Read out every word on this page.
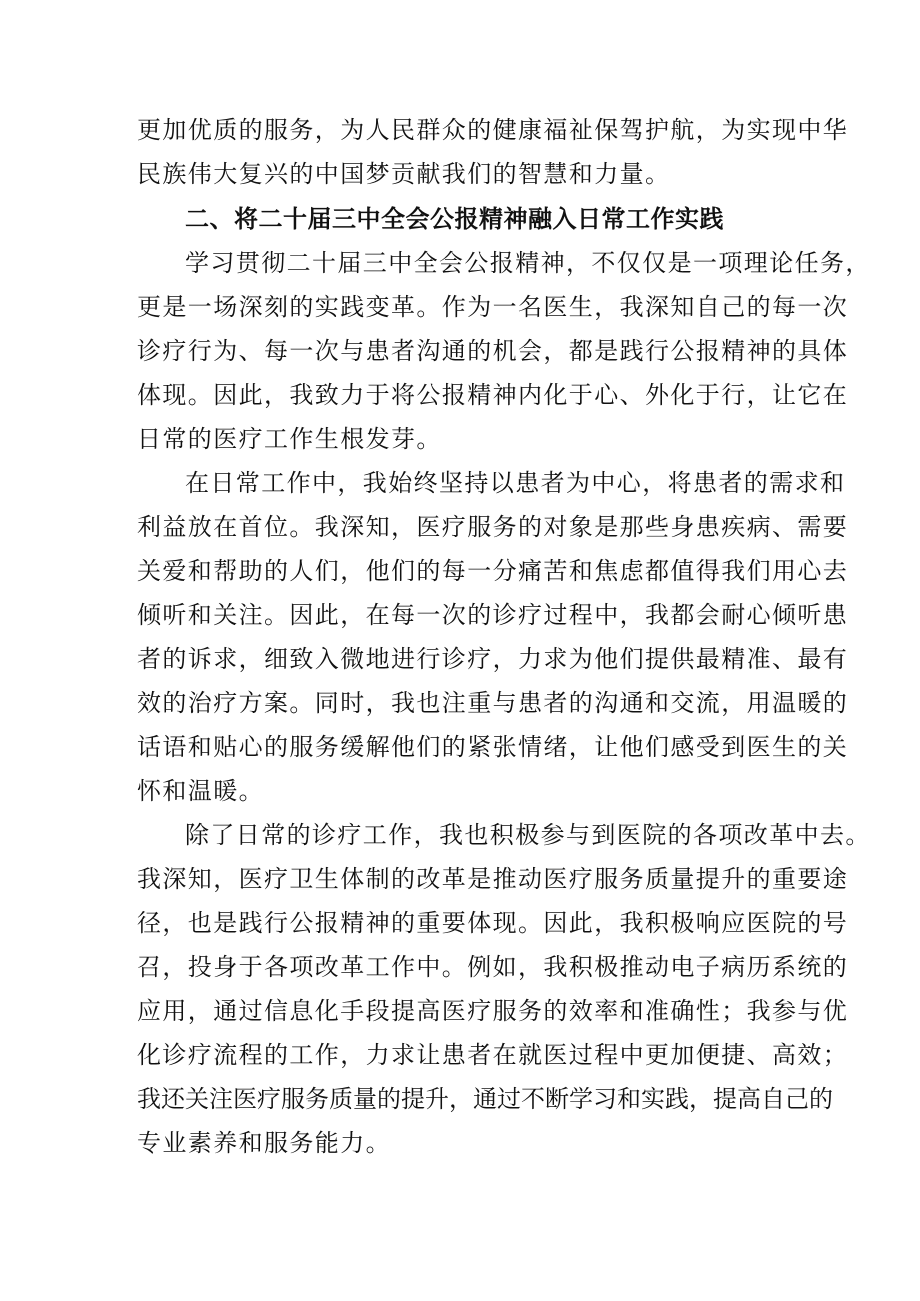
更加优质的服务，为人民群众的健康福祉保驾护航，为实现中华
民族伟大复兴的中国梦贡献我们的智慧和力量。
二、将二十届三中全会公报精神融入日常工作实践
学习贯彻二十届三中全会公报精神，不仅仅是一项理论任务，
更是一场深刻的实践变革。作为一名医生，我深知自己的每一次
诊疗行为、每一次与患者沟通的机会，都是践行公报精神的具体
体现。因此，我致力于将公报精神内化于心、外化于行，让它在
日常的医疗工作生根发芽。
在日常工作中，我始终坚持以患者为中心，将患者的需求和
利益放在首位。我深知，医疗服务的对象是那些身患疾病、需要
关爱和帮助的人们，他们的每一分痛苦和焦虑都值得我们用心去
倾听和关注。因此，在每一次的诊疗过程中，我都会耐心倾听患
者的诉求，细致入微地进行诊疗，力求为他们提供最精准、最有
效的治疗方案。同时，我也注重与患者的沟通和交流，用温暖的
话语和贴心的服务缓解他们的紧张情绪，让他们感受到医生的关
怀和温暖。
除了日常的诊疗工作，我也积极参与到医院的各项改革中去。
我深知，医疗卫生体制的改革是推动医疗服务质量提升的重要途
径，也是践行公报精神的重要体现。因此，我积极响应医院的号
召，投身于各项改革工作中。例如，我积极推动电子病历系统的
应用，通过信息化手段提高医疗服务的效率和准确性；我参与优
化诊疗流程的工作，力求让患者在就医过程中更加便捷、高效；
我还关注医疗服务质量的提升，通过不断学习和实践，提高自己的
专业素养和服务能力。
